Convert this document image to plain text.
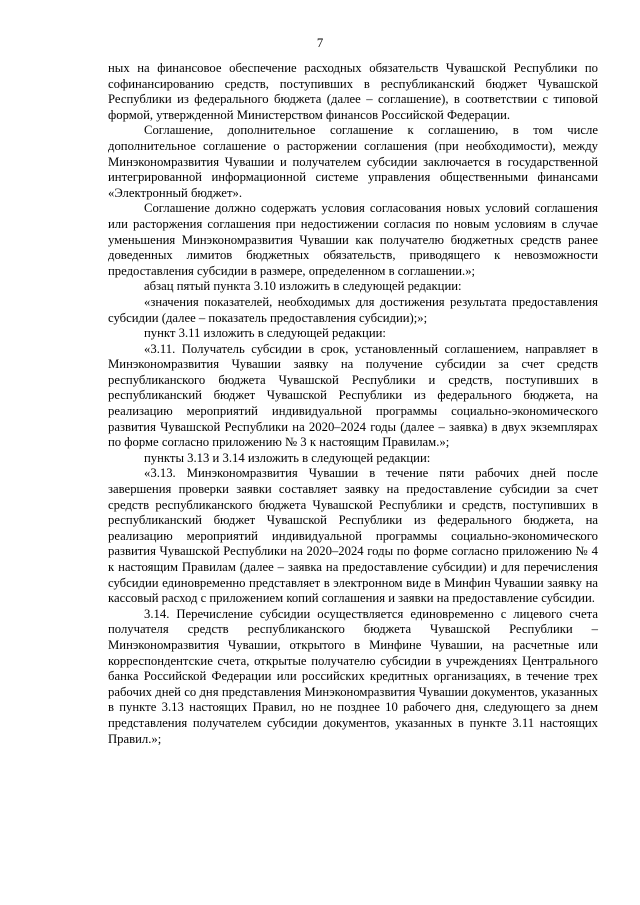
7

ных на финансовое обеспечение расходных обязательств Чувашской Республики по софинансированию средств, поступивших в республиканский бюджет Чувашской Республики из федерального бюджета (далее – соглашение), в соответствии с типовой формой, утвержденной Министерством финансов Российской Федерации.

Соглашение, дополнительное соглашение к соглашению, в том числе дополнительное соглашение о расторжении соглашения (при необходимости), между Минэкономразвития Чувашии и получателем субсидии заключается в государственной интегрированной информационной системе управления общественными финансами «Электронный бюджет».

Соглашение должно содержать условия согласования новых условий соглашения или расторжения соглашения при недостижении согласия по новым условиям в случае уменьшения Минэкономразвития Чувашии как получателю бюджетных средств ранее доведенных лимитов бюджетных обязательств, приводящего к невозможности предоставления субсидии в размере, определенном в соглашении.»;

абзац пятый пункта 3.10 изложить в следующей редакции:

«значения показателей, необходимых для достижения результата предоставления субсидии (далее – показатель предоставления субсидии);»;

пункт 3.11 изложить в следующей редакции:

«3.11. Получатель субсидии в срок, установленный соглашением, направляет в Минэкономразвития Чувашии заявку на получение субсидии за счет средств республиканского бюджета Чувашской Республики и средств, поступивших в республиканский бюджет Чувашской Республики из федерального бюджета, на реализацию мероприятий индивидуальной программы социально-экономического развития Чувашской Республики на 2020–2024 годы (далее – заявка) в двух экземплярах по форме согласно приложению № 3 к настоящим Правилам.»;

пункты 3.13 и 3.14 изложить в следующей редакции:

«3.13. Минэкономразвития Чувашии в течение пяти рабочих дней после завершения проверки заявки составляет заявку на предоставление субсидии за счет средств республиканского бюджета Чувашской Республики и средств, поступивших в республиканский бюджет Чувашской Республики из федерального бюджета, на реализацию мероприятий индивидуальной программы социально-экономического развития Чувашской Республики на 2020–2024 годы по форме согласно приложению № 4 к настоящим Правилам (далее – заявка на предоставление субсидии) и для перечисления субсидии единовременно представляет в электронном виде в Минфин Чувашии заявку на кассовый расход с приложением копий соглашения и заявки на предоставление субсидии.

3.14. Перечисление субсидии осуществляется единовременно с лицевого счета получателя средств республиканского бюджета Чувашской Республики – Минэкономразвития Чувашии, открытого в Минфине Чувашии, на расчетные или корреспондентские счета, открытые получателю субсидии в учреждениях Центрального банка Российской Федерации или российских кредитных организациях, в течение трех рабочих дней со дня представления Минэкономразвития Чувашии документов, указанных в пункте 3.13 настоящих Правил, но не позднее 10 рабочего дня, следующего за днем представления получателем субсидии документов, указанных в пункте 3.11 настоящих Правил.»;
